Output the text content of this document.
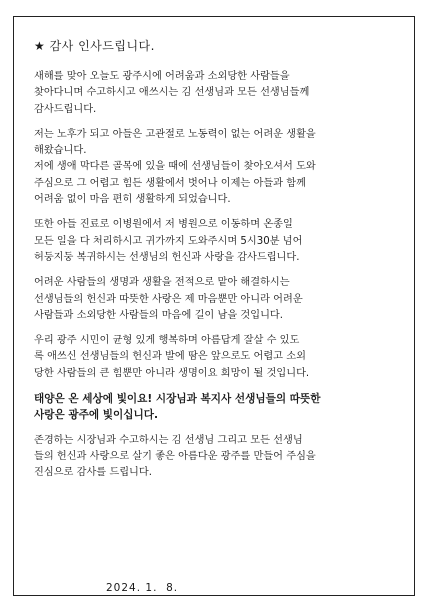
★ 감사 인사드립니다.

새해를 맞아 오늘도 광주시에 어려움과 소외당한 사람들을
찾아다니며 수고하시고 애쓰시는 김 선생님과 모든 선생님들께
감사드립니다.

저는 노후가 되고 아들은 고관절로 노동력이 없는 어려운 생활을
해왔습니다.

저에 생애 막다른 골목에 있을 때에 선생님들이 찾아오셔서 도와
주심으로 그 어렵고 힘든 생활에서 벗어나 이제는 아들과 함께
어려움 없이 마음 편히 생활하게 되었습니다.

또한 아들 진료로 이병원에서 저 병원으로 이동하며 온종일
모든 일을 다 처리하시고 귀가까지 도와주시며 5시30분 넘어
허둥지둥 복귀하시는 선생님의 헌신과 사랑을 감사드립니다.

어려운 사람들의 생명과 생활을 전적으로 맡아 해결하시는
선생님들의 헌신과 따뜻한 사랑은 제 마음뿐만 아니라 어려운
사람들과 소외당한 사람들의 마음에 길이 남을 것입니다.

우리 광주 시민이 균형 있게 행복하며 아름답게 잘살 수 있도
록 애쓰신 선생님들의 헌신과 발에 땀은 앞으로도 어렵고 소외
당한 사람들의 큰 힘뿐만 아니라 생명이요 희망이 될 것입니다.

태양은 온 세상에 빛이요! 시장님과 복지사 선생님들의 따뜻한
사랑은 광주에 빛이십니다.

존경하는 시장님과 수고하시는 김 선생님 그리고 모든 선생님
들의 헌신과 사랑으로 살기 좋은 아름다운 광주를 만들어 주심을
진심으로 감사를 드립니다.

2024. 1.  8.
